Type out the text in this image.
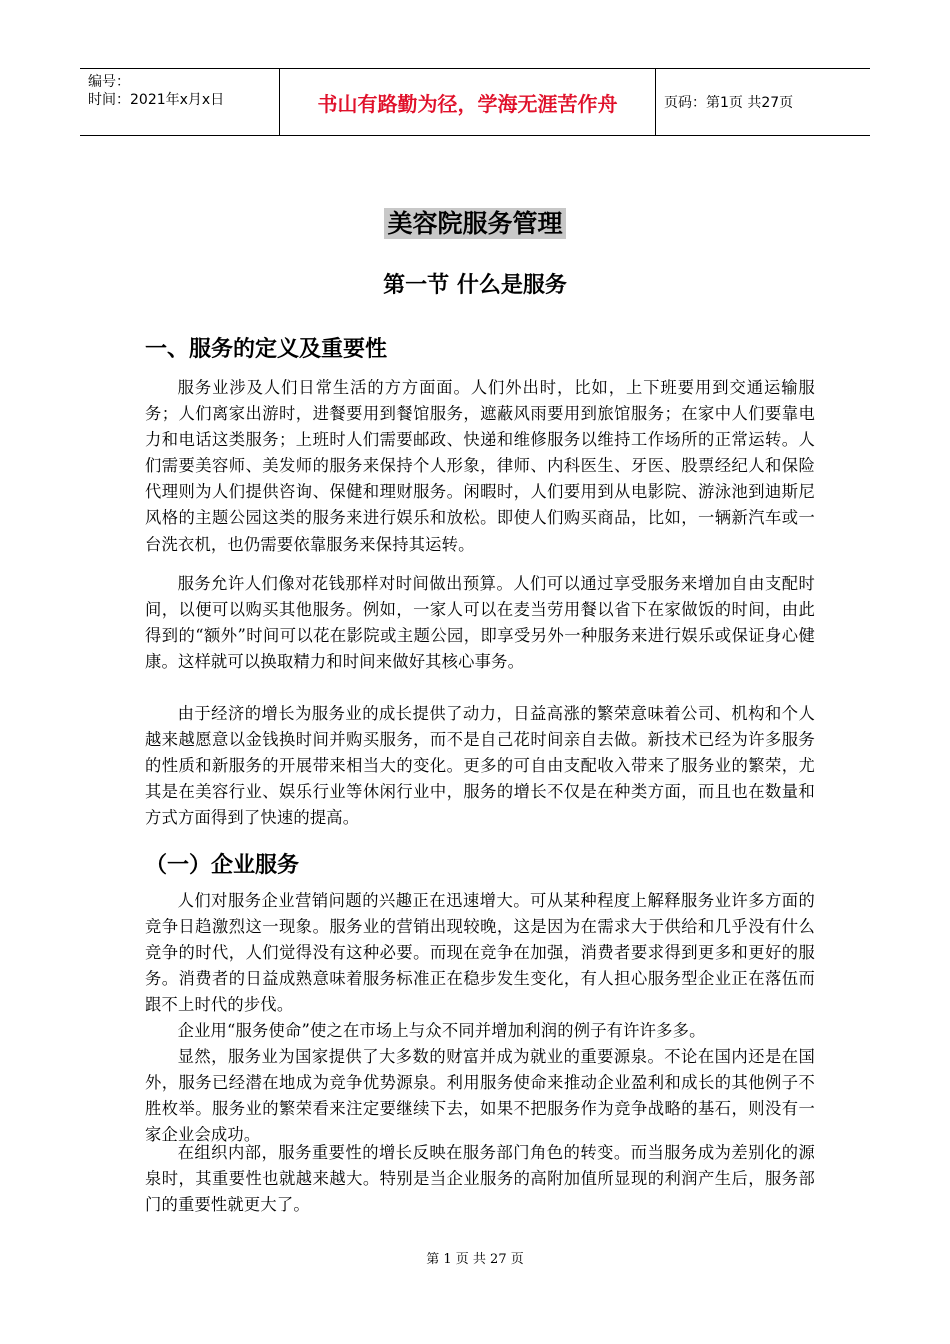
编号：
时间：2021年x月x日	书山有路勤为径，学海无涯苦作舟	页码：第1页 共27页
美容院服务管理
第一节 什么是服务
一、服务的定义及重要性

服务业涉及人们日常生活的方方面面。人们外出时，比如，上下班要用到交通运输服务；人们离家出游时，进餐要用到餐馆服务，遮蔽风雨要用到旅馆服务；在家中人们要靠电力和电话这类服务；上班时人们需要邮政、快递和维修服务以维持工作场所的正常运转。人们需要美容师、美发师的服务来保持个人形象，律师、内科医生、牙医、股票经纪人和保险代理则为人们提供咨询、保健和理财服务。闲暇时，人们要用到从电影院、游泳池到迪斯尼风格的主题公园这类的服务来进行娱乐和放松。即使人们购买商品，比如，一辆新汽车或一台洗衣机，也仍需要依靠服务来保持其运转。

服务允许人们像对花钱那样对时间做出预算。人们可以通过享受服务来增加自由支配时间，以便可以购买其他服务。例如，一家人可以在麦当劳用餐以省下在家做饭的时间，由此得到的“额外”时间可以花在影院或主题公园，即享受另外一种服务来进行娱乐或保证身心健康。这样就可以换取精力和时间来做好其核心事务。

由于经济的增长为服务业的成长提供了动力，日益高涨的繁荣意味着公司、机构和个人越来越愿意以金钱换时间并购买服务，而不是自己花时间亲自去做。新技术已经为许多服务的性质和新服务的开展带来相当大的变化。更多的可自由支配收入带来了服务业的繁荣，尤其是在美容行业、娱乐行业等休闲行业中，服务的增长不仅是在种类方面，而且也在数量和方式方面得到了快速的提高。

（一）企业服务

人们对服务企业营销问题的兴趣正在迅速增大。可从某种程度上解释服务业许多方面的竞争日趋激烈这一现象。服务业的营销出现较晚，这是因为在需求大于供给和几乎没有什么竞争的时代，人们觉得没有这种必要。而现在竞争在加强，消费者要求得到更多和更好的服务。消费者的日益成熟意味着服务标准正在稳步发生变化，有人担心服务型企业正在落伍而跟不上时代的步伐。

企业用“服务使命”使之在市场上与众不同并增加利润的例子有许许多多。

显然，服务业为国家提供了大多数的财富并成为就业的重要源泉。不论在国内还是在国外，服务已经潜在地成为竞争优势源泉。利用服务使命来推动企业盈利和成长的其他例子不胜枚举。服务业的繁荣看来注定要继续下去，如果不把服务作为竞争战略的基石，则没有一家企业会成功。

在组织内部，服务重要性的增长反映在服务部门角色的转变。而当服务成为差别化的源泉时，其重要性也就越来越大。特别是当企业服务的高附加值所显现的利润产生后，服务部门的重要性就更大了。

第 1 页 共 27 页
